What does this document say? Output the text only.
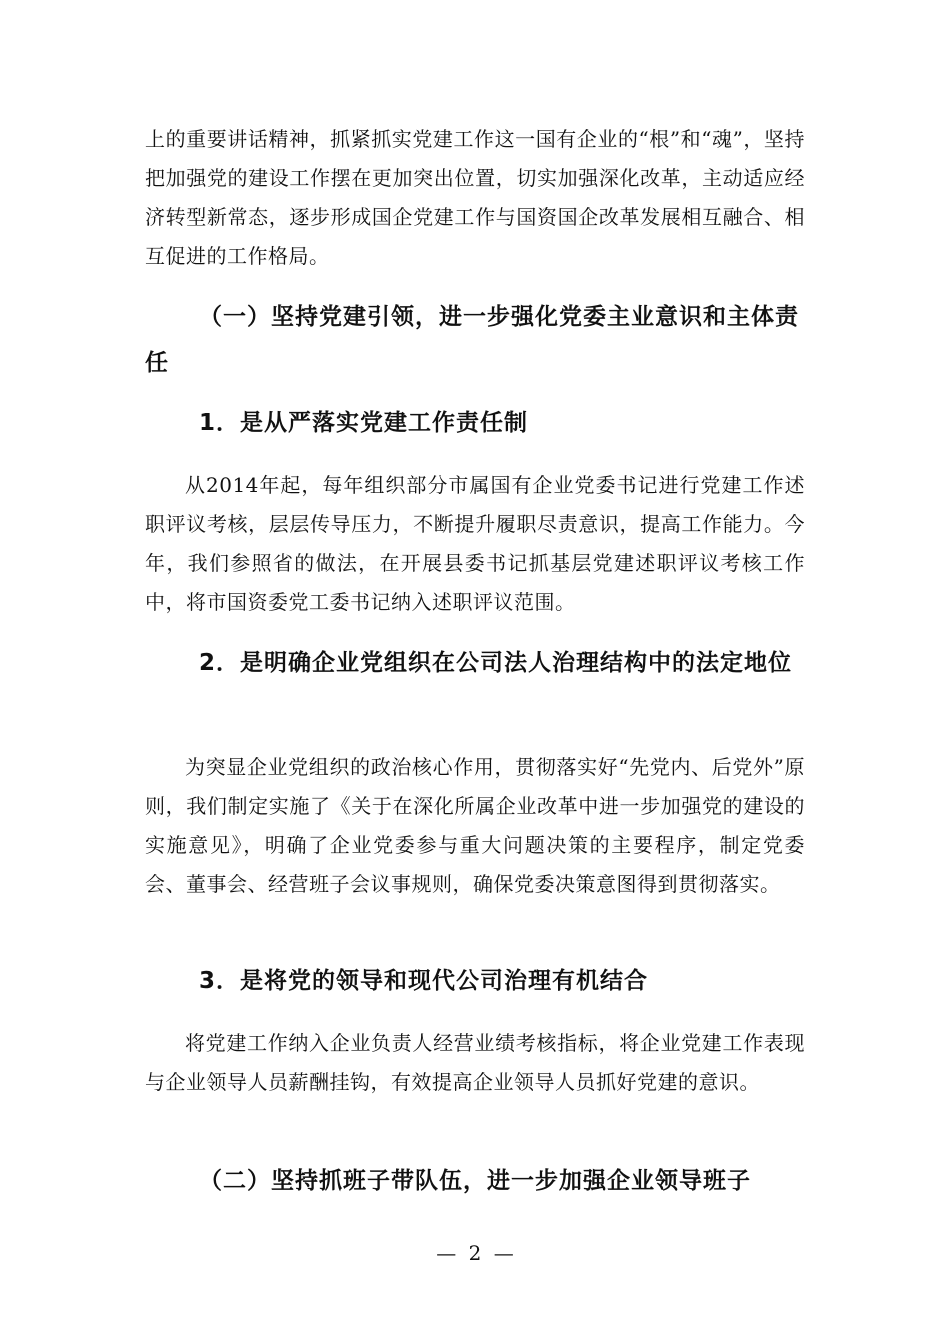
上的重要讲话精神，抓紧抓实党建工作这一国有企业的“根”和“魂”，坚持把加强党的建设工作摆在更加突出位置，切实加强深化改革，主动适应经济转型新常态，逐步形成国企党建工作与国资国企改革发展相互融合、相互促进的工作格局。

（一）坚持党建引领，进一步强化党委主业意识和主体责任
1．是从严落实党建工作责任制

从2014年起，每年组织部分市属国有企业党委书记进行党建工作述职评议考核，层层传导压力，不断提升履职尽责意识，提高工作能力。今年，我们参照省的做法，在开展县委书记抓基层党建述职评议考核工作中，将市国资委党工委书记纳入述职评议范围。

2．是明确企业党组织在公司法人治理结构中的法定地位

为突显企业党组织的政治核心作用，贯彻落实好“先党内、后党外”原则，我们制定实施了《关于在深化所属企业改革中进一步加强党的建设的实施意见》，明确了企业党委参与重大问题决策的主要程序，制定党委会、董事会、经营班子会议事规则，确保党委决策意图得到贯彻落实。

3．是将党的领导和现代公司治理有机结合

将党建工作纳入企业负责人经营业绩考核指标，将企业党建工作表现与企业领导人员薪酬挂钩，有效提高企业领导人员抓好党建的意识。

（二）坚持抓班子带队伍，进一步加强企业领导班子
— 2 —
